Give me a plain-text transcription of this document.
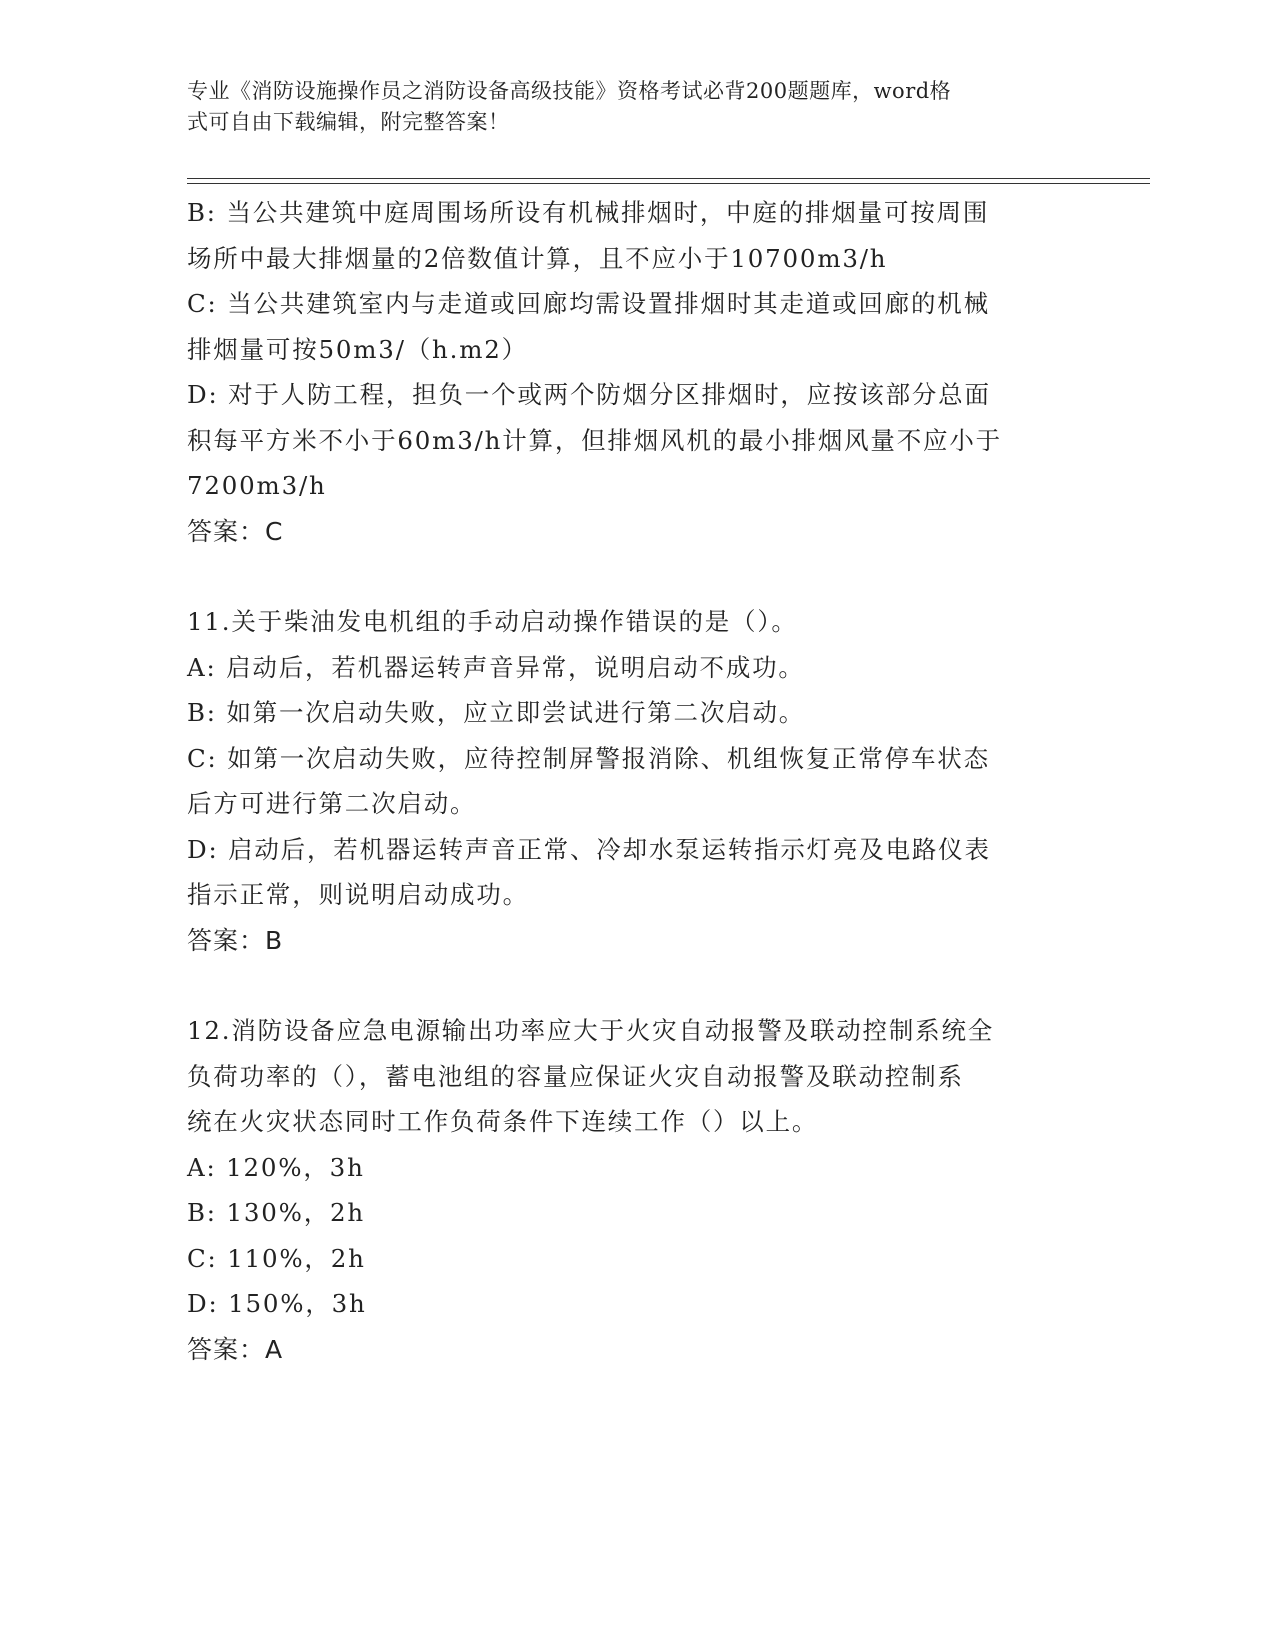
专业《消防设施操作员之消防设备高级技能》资格考试必背200题题库，word格
式可自由下载编辑，附完整答案！
B: 当公共建筑中庭周围场所设有机械排烟时，中庭的排烟量可按周围
场所中最大排烟量的2倍数值计算，且不应小于10700m3/h
C: 当公共建筑室内与走道或回廊均需设置排烟时其走道或回廊的机械
排烟量可按50m3/（h.m2）
D: 对于人防工程，担负一个或两个防烟分区排烟时，应按该部分总面
积每平方米不小于60m3/h计算，但排烟风机的最小排烟风量不应小于
7200m3/h
答案：C
11.关于柴油发电机组的手动启动操作错误的是（）。
A: 启动后，若机器运转声音异常，说明启动不成功。
B: 如第一次启动失败，应立即尝试进行第二次启动。
C: 如第一次启动失败，应待控制屏警报消除、机组恢复正常停车状态
后方可进行第二次启动。
D: 启动后，若机器运转声音正常、冷却水泵运转指示灯亮及电路仪表
指示正常，则说明启动成功。
答案：B
12.消防设备应急电源输出功率应大于火灾自动报警及联动控制系统全
负荷功率的（），蓄电池组的容量应保证火灾自动报警及联动控制系
统在火灾状态同时工作负荷条件下连续工作（）以上。
A: 120%，3h
B: 130%，2h
C: 110%，2h
D: 150%，3h
答案：A
